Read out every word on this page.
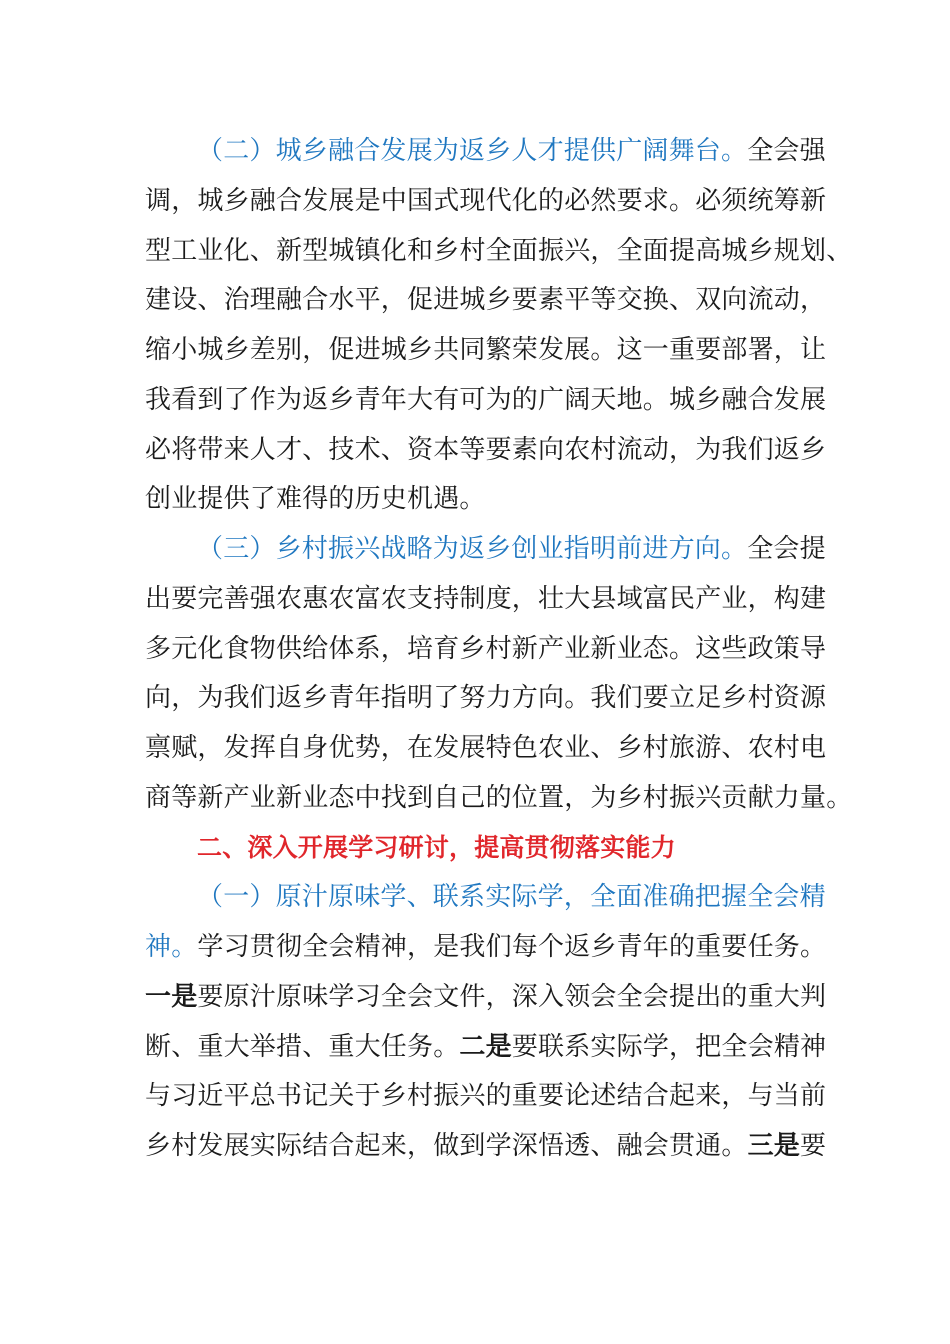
（二）城乡融合发展为返乡人才提供广阔舞台。全会强
调，城乡融合发展是中国式现代化的必然要求。必须统筹新
型工业化、新型城镇化和乡村全面振兴，全面提高城乡规划、
建设、治理融合水平，促进城乡要素平等交换、双向流动，
缩小城乡差别，促进城乡共同繁荣发展。这一重要部署，让
我看到了作为返乡青年大有可为的广阔天地。城乡融合发展
必将带来人才、技术、资本等要素向农村流动，为我们返乡
创业提供了难得的历史机遇。
（三）乡村振兴战略为返乡创业指明前进方向。全会提
出要完善强农惠农富农支持制度，壮大县域富民产业，构建
多元化食物供给体系，培育乡村新产业新业态。这些政策导
向，为我们返乡青年指明了努力方向。我们要立足乡村资源
禀赋，发挥自身优势，在发展特色农业、乡村旅游、农村电
商等新产业新业态中找到自己的位置，为乡村振兴贡献力量。
二、深入开展学习研讨，提高贯彻落实能力
（一）原汁原味学、联系实际学，全面准确把握全会精
神。学习贯彻全会精神，是我们每个返乡青年的重要任务。
一是要原汁原味学习全会文件，深入领会全会提出的重大判
断、重大举措、重大任务。二是要联系实际学，把全会精神
与习近平总书记关于乡村振兴的重要论述结合起来，与当前
乡村发展实际结合起来，做到学深悟透、融会贯通。三是要
